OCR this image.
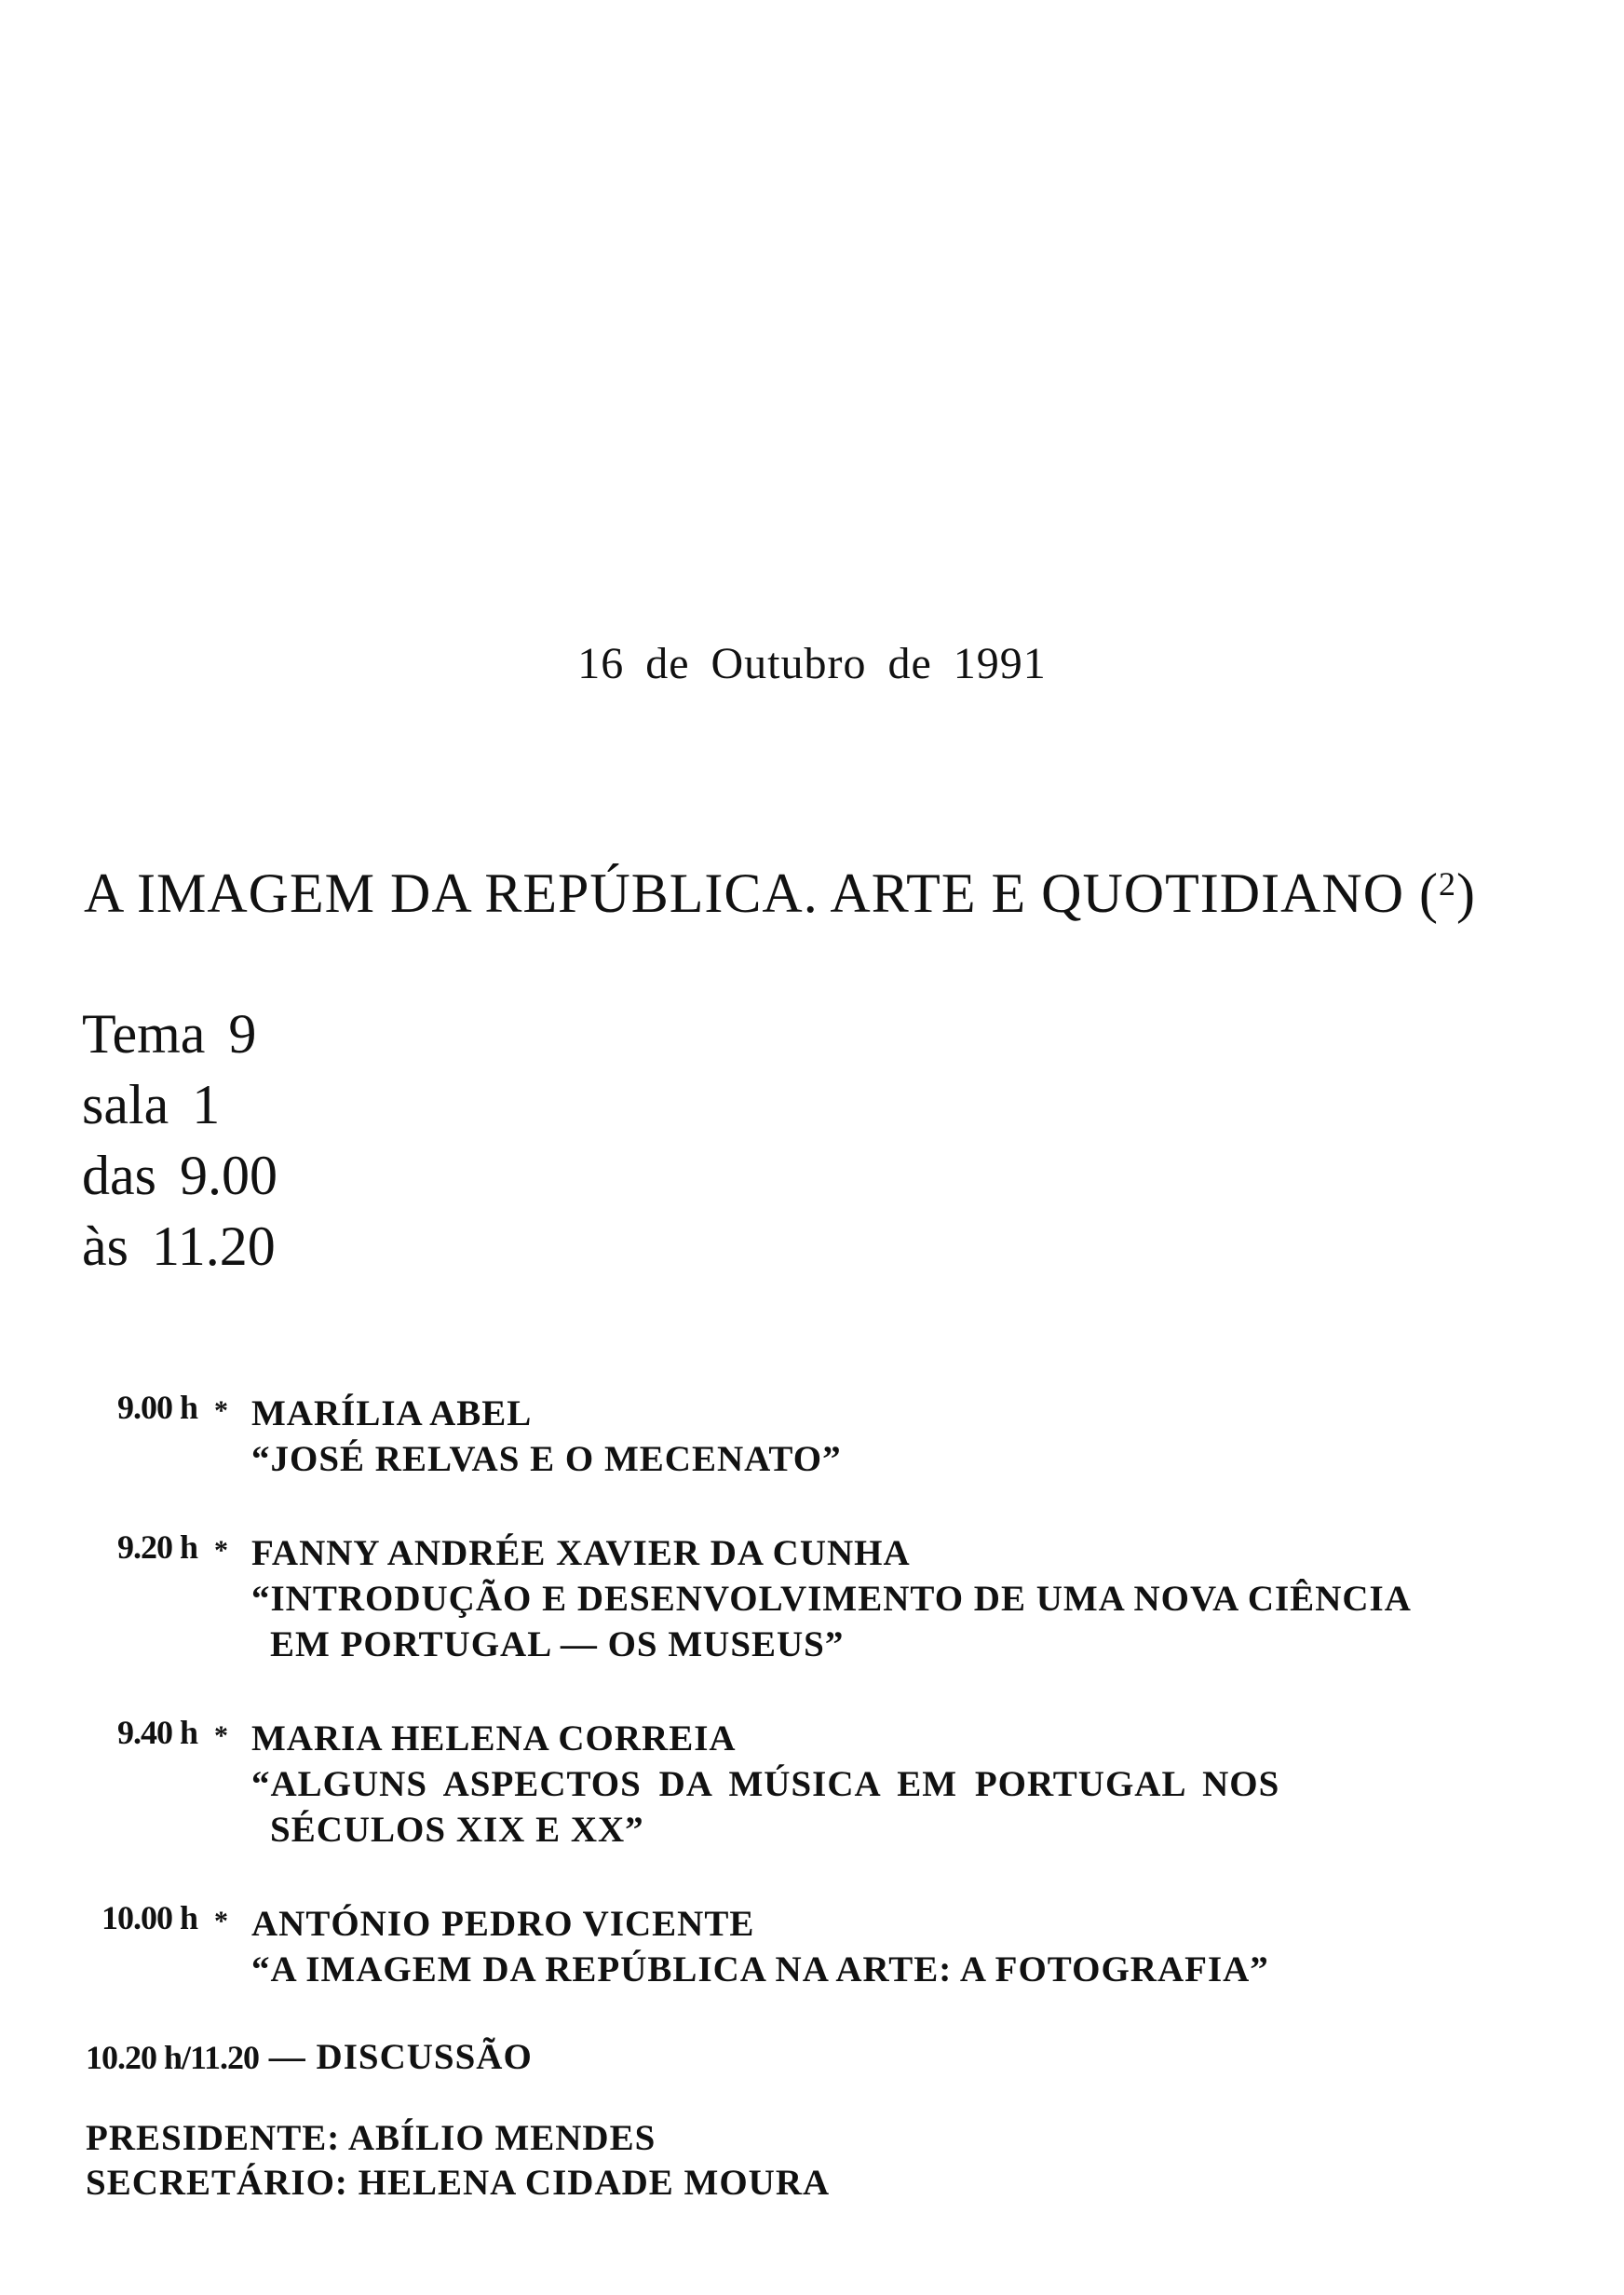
16 de Outubro de 1991
A IMAGEM DA REPÚBLICA. ARTE E QUOTIDIANO ($^2$)
Tema 9
sala 1
das 9.00
às 11.20
9.00 h * MARÍLIA ABEL
“JOSÉ RELVAS E O MECENATO”
9.20 h * FANNY ANDRÉE XAVIER DA CUNHA
“INTRODUÇÃO E DESENVOLVIMENTO DE UMA NOVA CIÊNCIA
EM PORTUGAL — OS MUSEUS”
9.40 h * MARIA HELENA CORREIA
“ALGUNS ASPECTOS DA MÚSICA EM PORTUGAL NOS
SÉCULOS XIX E XX”
10.00 h * ANTÓNIO PEDRO VICENTE
“A IMAGEM DA REPÚBLICA NA ARTE: A FOTOGRAFIA”
10.20 h/11.20 — DISCUSSÃO
PRESIDENTE: ABÍLIO MENDES
SECRETÁRIO: HELENA CIDADE MOURA
